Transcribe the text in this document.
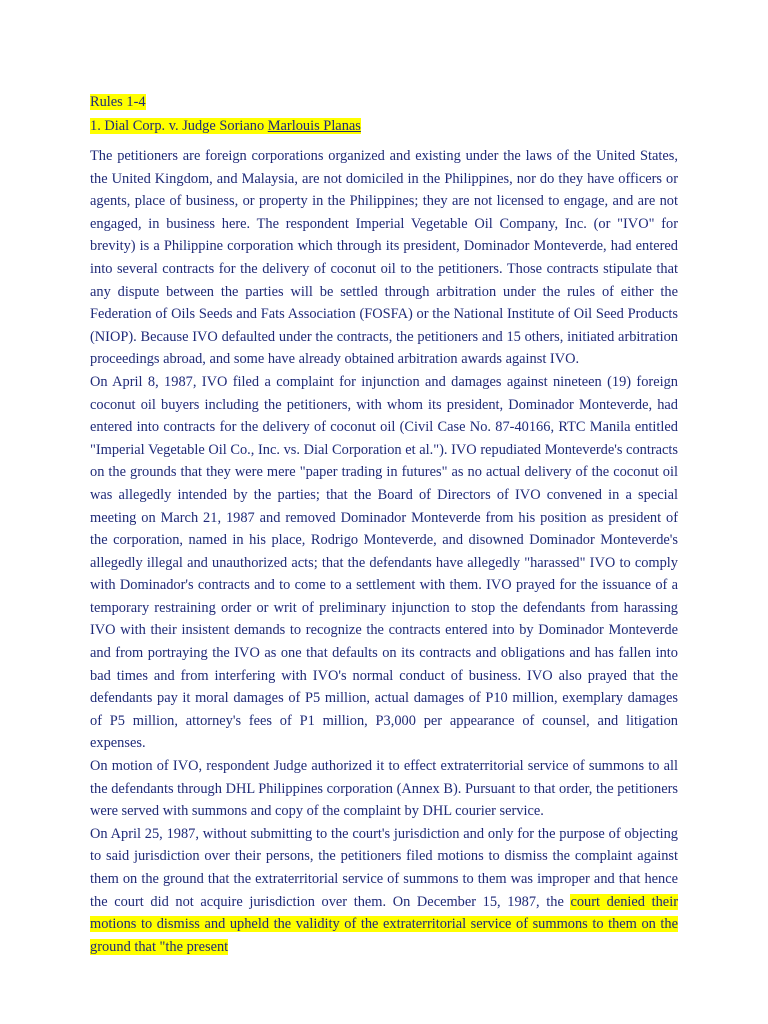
Rules 1-4
1. Dial Corp. v. Judge Soriano Marlouis Planas

The petitioners are foreign corporations organized and existing under the laws of the United States, the United Kingdom, and Malaysia, are not domiciled in the Philippines, nor do they have officers or agents, place of business, or property in the Philippines; they are not licensed to engage, and are not engaged, in business here. The respondent Imperial Vegetable Oil Company, Inc. (or "IVO" for brevity) is a Philippine corporation which through its president, Dominador Monteverde, had entered into several contracts for the delivery of coconut oil to the petitioners. Those contracts stipulate that any dispute between the parties will be settled through arbitration under the rules of either the Federation of Oils Seeds and Fats Association (FOSFA) or the National Institute of Oil Seed Products (NIOP). Because IVO defaulted under the contracts, the petitioners and 15 others, initiated arbitration proceedings abroad, and some have already obtained arbitration awards against IVO.

On April 8, 1987, IVO filed a complaint for injunction and damages against nineteen (19) foreign coconut oil buyers including the petitioners, with whom its president, Dominador Monteverde, had entered into contracts for the delivery of coconut oil (Civil Case No. 87-40166, RTC Manila entitled "Imperial Vegetable Oil Co., Inc. vs. Dial Corporation et al."). IVO repudiated Monteverde's contracts on the grounds that they were mere "paper trading in futures" as no actual delivery of the coconut oil was allegedly intended by the parties; that the Board of Directors of IVO convened in a special meeting on March 21, 1987 and removed Dominador Monteverde from his position as president of the corporation, named in his place, Rodrigo Monteverde, and disowned Dominador Monteverde's allegedly illegal and unauthorized acts; that the defendants have allegedly "harassed" IVO to comply with Dominador's contracts and to come to a settlement with them. IVO prayed for the issuance of a temporary restraining order or writ of preliminary injunction to stop the defendants from harassing IVO with their insistent demands to recognize the contracts entered into by Dominador Monteverde and from portraying the IVO as one that defaults on its contracts and obligations and has fallen into bad times and from interfering with IVO's normal conduct of business. IVO also prayed that the defendants pay it moral damages of P5 million, actual damages of P10 million, exemplary damages of P5 million, attorney's fees of P1 million, P3,000 per appearance of counsel, and litigation expenses.

On motion of IVO, respondent Judge authorized it to effect extraterritorial service of summons to all the defendants through DHL Philippines corporation (Annex B). Pursuant to that order, the petitioners were served with summons and copy of the complaint by DHL courier service.

On April 25, 1987, without submitting to the court's jurisdiction and only for the purpose of objecting to said jurisdiction over their persons, the petitioners filed motions to dismiss the complaint against them on the ground that the extraterritorial service of summons to them was improper and that hence the court did not acquire jurisdiction over them. On December 15, 1987, the court denied their motions to dismiss and upheld the validity of the extraterritorial service of summons to them on the ground that "the present
